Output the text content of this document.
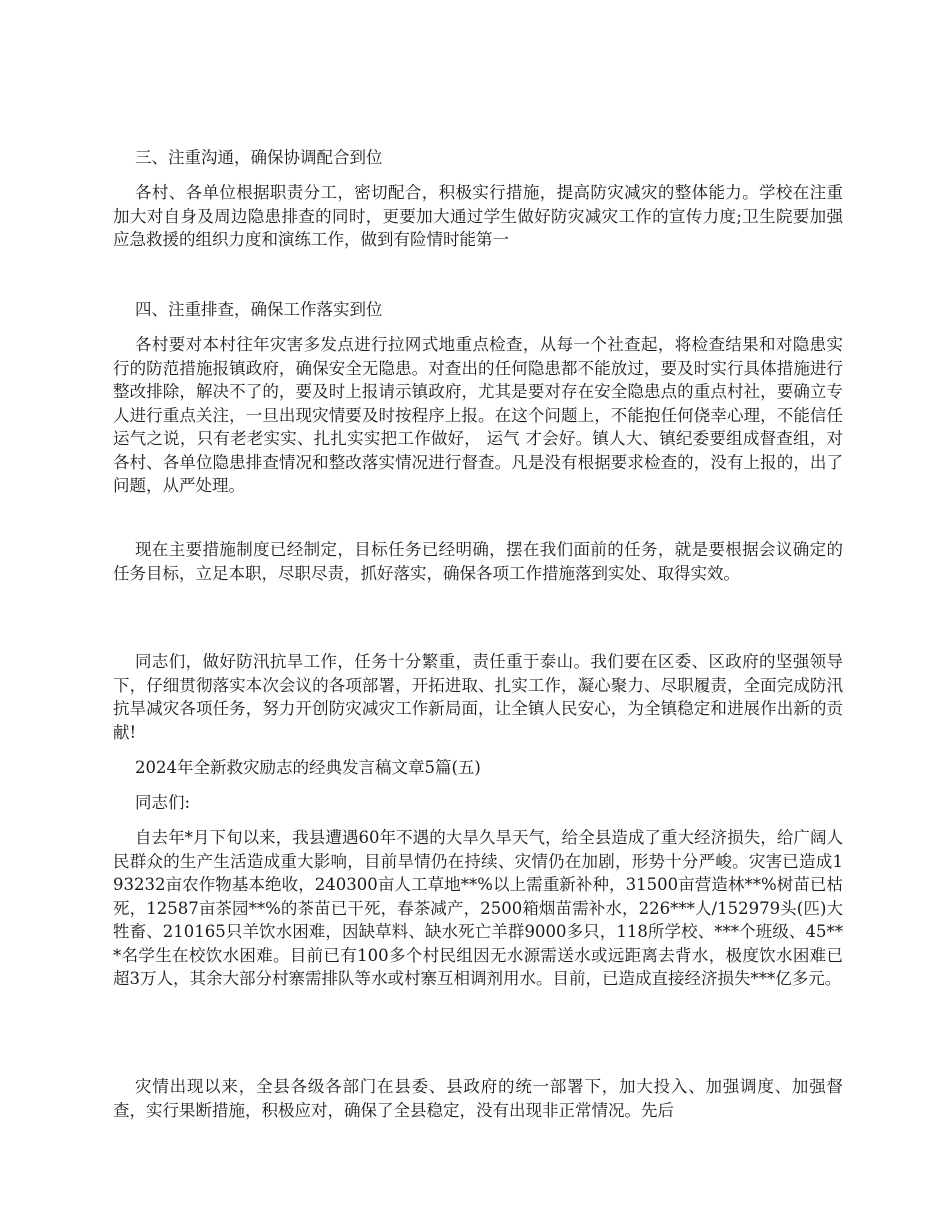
三、注重沟通，确保协调配合到位

各村、各单位根据职责分工，密切配合，积极实行措施，提高防灾减灾的整体能力。学校在注重加大对自身及周边隐患排查的同时，更要加大通过学生做好防灾减灾工作的宣传力度;卫生院要加强应急救援的组织力度和演练工作，做到有险情时能第一

四、注重排查，确保工作落实到位

各村要对本村往年灾害多发点进行拉网式地重点检查，从每一个社查起，将检查结果和对隐患实行的防范措施报镇政府，确保安全无隐患。对查出的任何隐患都不能放过，要及时实行具体措施进行整改排除，解决不了的，要及时上报请示镇政府，尤其是要对存在安全隐患点的重点村社，要确立专人进行重点关注，一旦出现灾情要及时按程序上报。在这个问题上，不能抱任何侥幸心理，不能信任运气之说，只有老老实实、扎扎实实把工作做好， 运气 才会好。镇人大、镇纪委要组成督查组，对各村、各单位隐患排查情况和整改落实情况进行督查。凡是没有根据要求检查的，没有上报的，出了问题，从严处理。

现在主要措施制度已经制定，目标任务已经明确，摆在我们面前的任务，就是要根据会议确定的任务目标，立足本职，尽职尽责，抓好落实，确保各项工作措施落到实处、取得实效。

同志们，做好防汛抗旱工作，任务十分繁重，责任重于泰山。我们要在区委、区政府的坚强领导下，仔细贯彻落实本次会议的各项部署，开拓进取、扎实工作，凝心聚力、尽职履责，全面完成防汛抗旱减灾各项任务，努力开创防灾减灾工作新局面，让全镇人民安心，为全镇稳定和进展作出新的贡献!

2024年全新救灾励志的经典发言稿文章5篇(五)

同志们:

自去年*月下旬以来，我县遭遇60年不遇的大旱久旱天气，给全县造成了重大经济损失，给广阔人民群众的生产生活造成重大影响，目前旱情仍在持续、灾情仍在加剧，形势十分严峻。灾害已造成193232亩农作物基本绝收，240300亩人工草地**%以上需重新补种，31500亩营造林**%树苗已枯死，12587亩茶园**%的茶苗已干死，春茶减产，2500箱烟苗需补水，226***人/152979头(匹)大牲畜、210165只羊饮水困难，因缺草料、缺水死亡羊群9000多只，118所学校、***个班级、45***名学生在校饮水困难。目前已有100多个村民组因无水源需送水或远距离去背水，极度饮水困难已超3万人，其余大部分村寨需排队等水或村寨互相调剂用水。目前，已造成直接经济损失***亿多元。

灾情出现以来，全县各级各部门在县委、县政府的统一部署下，加大投入、加强调度、加强督查，实行果断措施，积极应对，确保了全县稳定，没有出现非正常情况。先后
